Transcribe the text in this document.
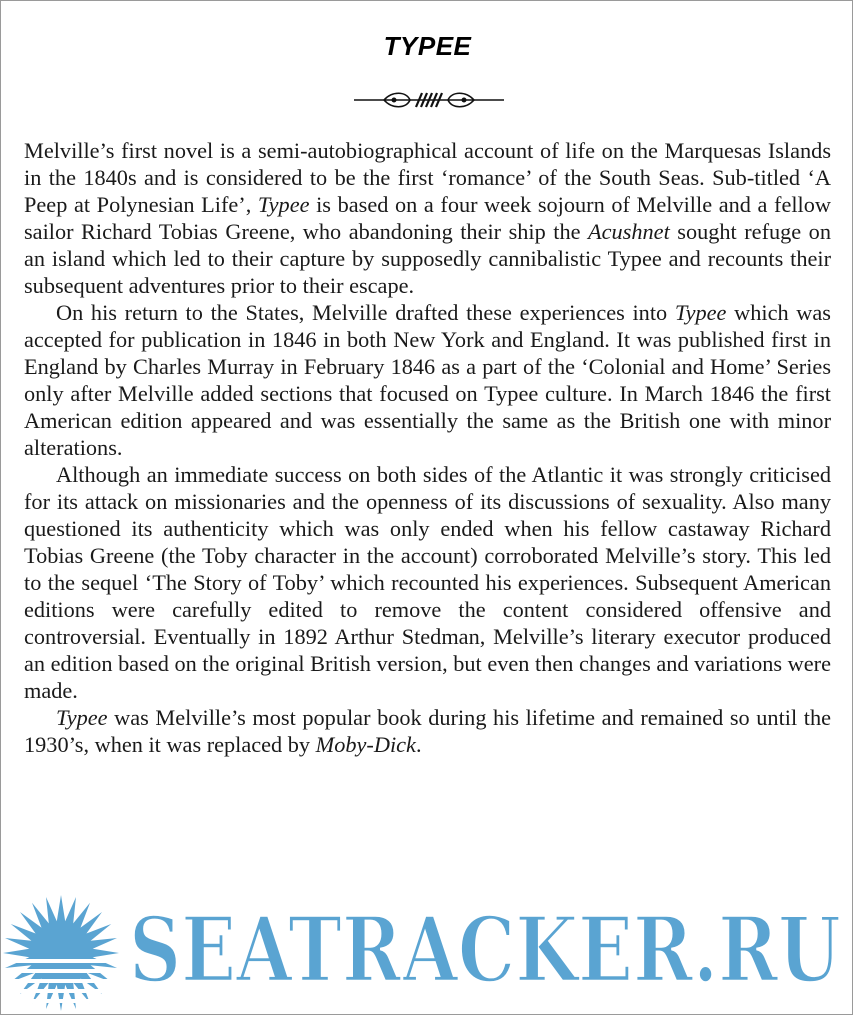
TYPEE

Melville’s first novel is a semi-autobiographical account of life on the Marquesas Islands in the 1840s and is considered to be the first ‘romance’ of the South Seas. Sub-titled ‘A Peep at Polynesian Life’, Typee is based on a four week sojourn of Melville and a fellow sailor Richard Tobias Greene, who abandoning their ship the Acushnet sought refuge on an island which led to their capture by supposedly cannibalistic Typee and recounts their subsequent adventures prior to their escape.

On his return to the States, Melville drafted these experiences into Typee which was accepted for publication in 1846 in both New York and England. It was published first in England by Charles Murray in February 1846 as a part of the ‘Colonial and Home’ Series only after Melville added sections that focused on Typee culture. In March 1846 the first American edition appeared and was essentially the same as the British one with minor alterations.

Although an immediate success on both sides of the Atlantic it was strongly criticised for its attack on missionaries and the openness of its discussions of sexuality. Also many questioned its authenticity which was only ended when his fellow castaway Richard Tobias Greene (the Toby character in the account) corroborated Melville’s story. This led to the sequel ‘The Story of Toby’ which recounted his experiences. Subsequent American editions were carefully edited to remove the content considered offensive and controversial. Eventually in 1892 Arthur Stedman, Melville’s literary executor produced an edition based on the original British version, but even then changes and variations were made.

Typee was Melville’s most popular book during his lifetime and remained so until the 1930’s, when it was replaced by Moby-Dick.

SEATRACKER.RU
